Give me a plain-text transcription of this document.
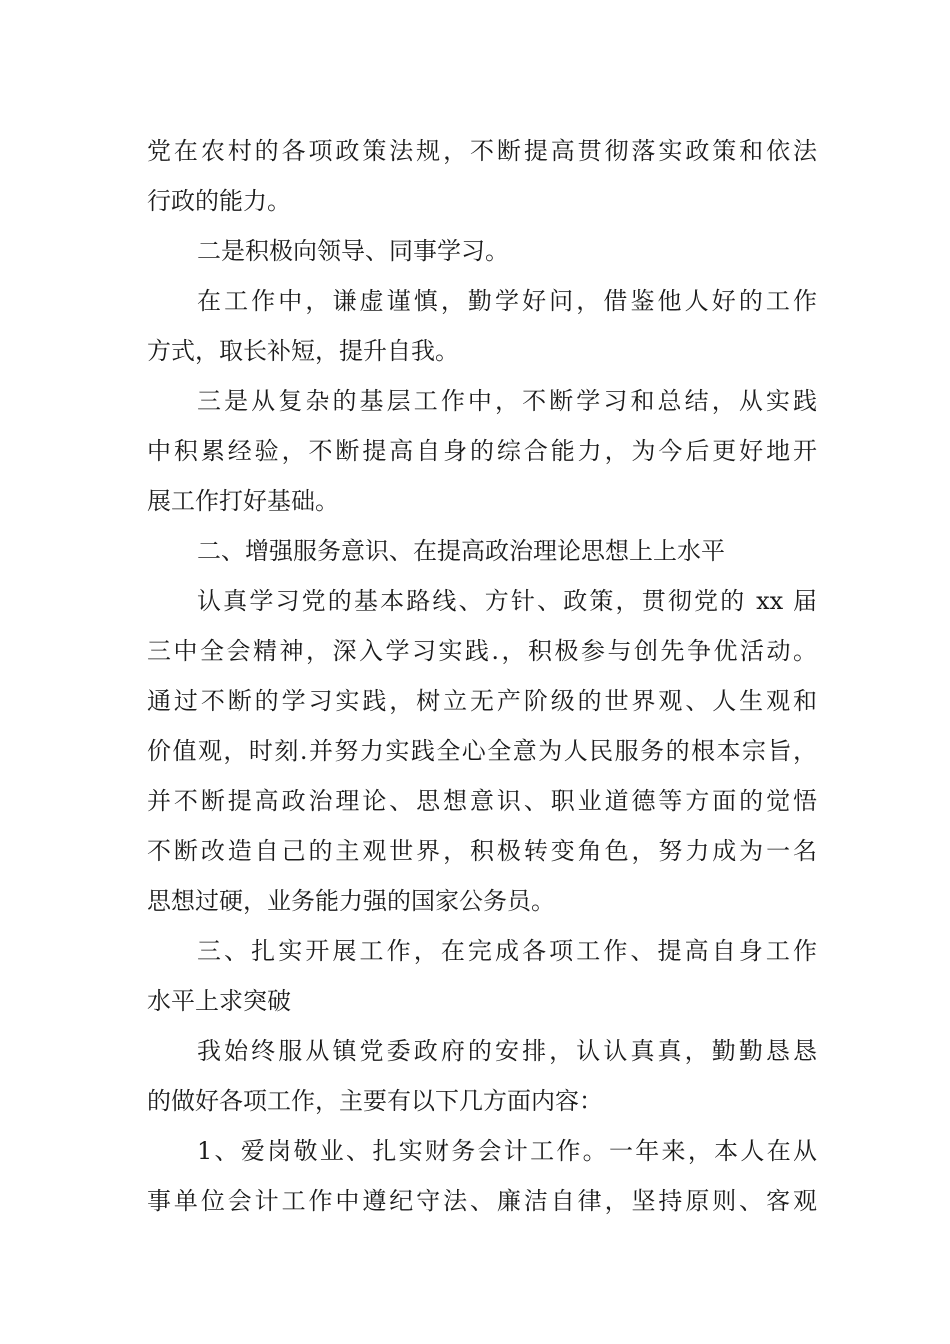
党在农村的各项政策法规，不断提高贯彻落实政策和依法
行政的能力。
二是积极向领导、同事学习。
在工作中，谦虚谨慎，勤学好问，借鉴他人好的工作
方式，取长补短，提升自我。
三是从复杂的基层工作中，不断学习和总结，从实践
中积累经验，不断提高自身的综合能力，为今后更好地开
展工作打好基础。
二、增强服务意识、在提高政治理论思想上上水平
认真学习党的基本路线、方针、政策，贯彻党的 xx 届
三中全会精神，深入学习实践.，积极参与创先争优活动。
通过不断的学习实践，树立无产阶级的世界观、人生观和
价值观，时刻.并努力实践全心全意为人民服务的根本宗旨，
并不断提高政治理论、思想意识、职业道德等方面的觉悟
不断改造自己的主观世界，积极转变角色，努力成为一名
思想过硬，业务能力强的国家公务员。
三、扎实开展工作，在完成各项工作、提高自身工作
水平上求突破
我始终服从镇党委政府的安排，认认真真，勤勤恳恳
的做好各项工作，主要有以下几方面内容：
1、爱岗敬业、扎实财务会计工作。一年来，本人在从
事单位会计工作中遵纪守法、廉洁自律，坚持原则、客观
